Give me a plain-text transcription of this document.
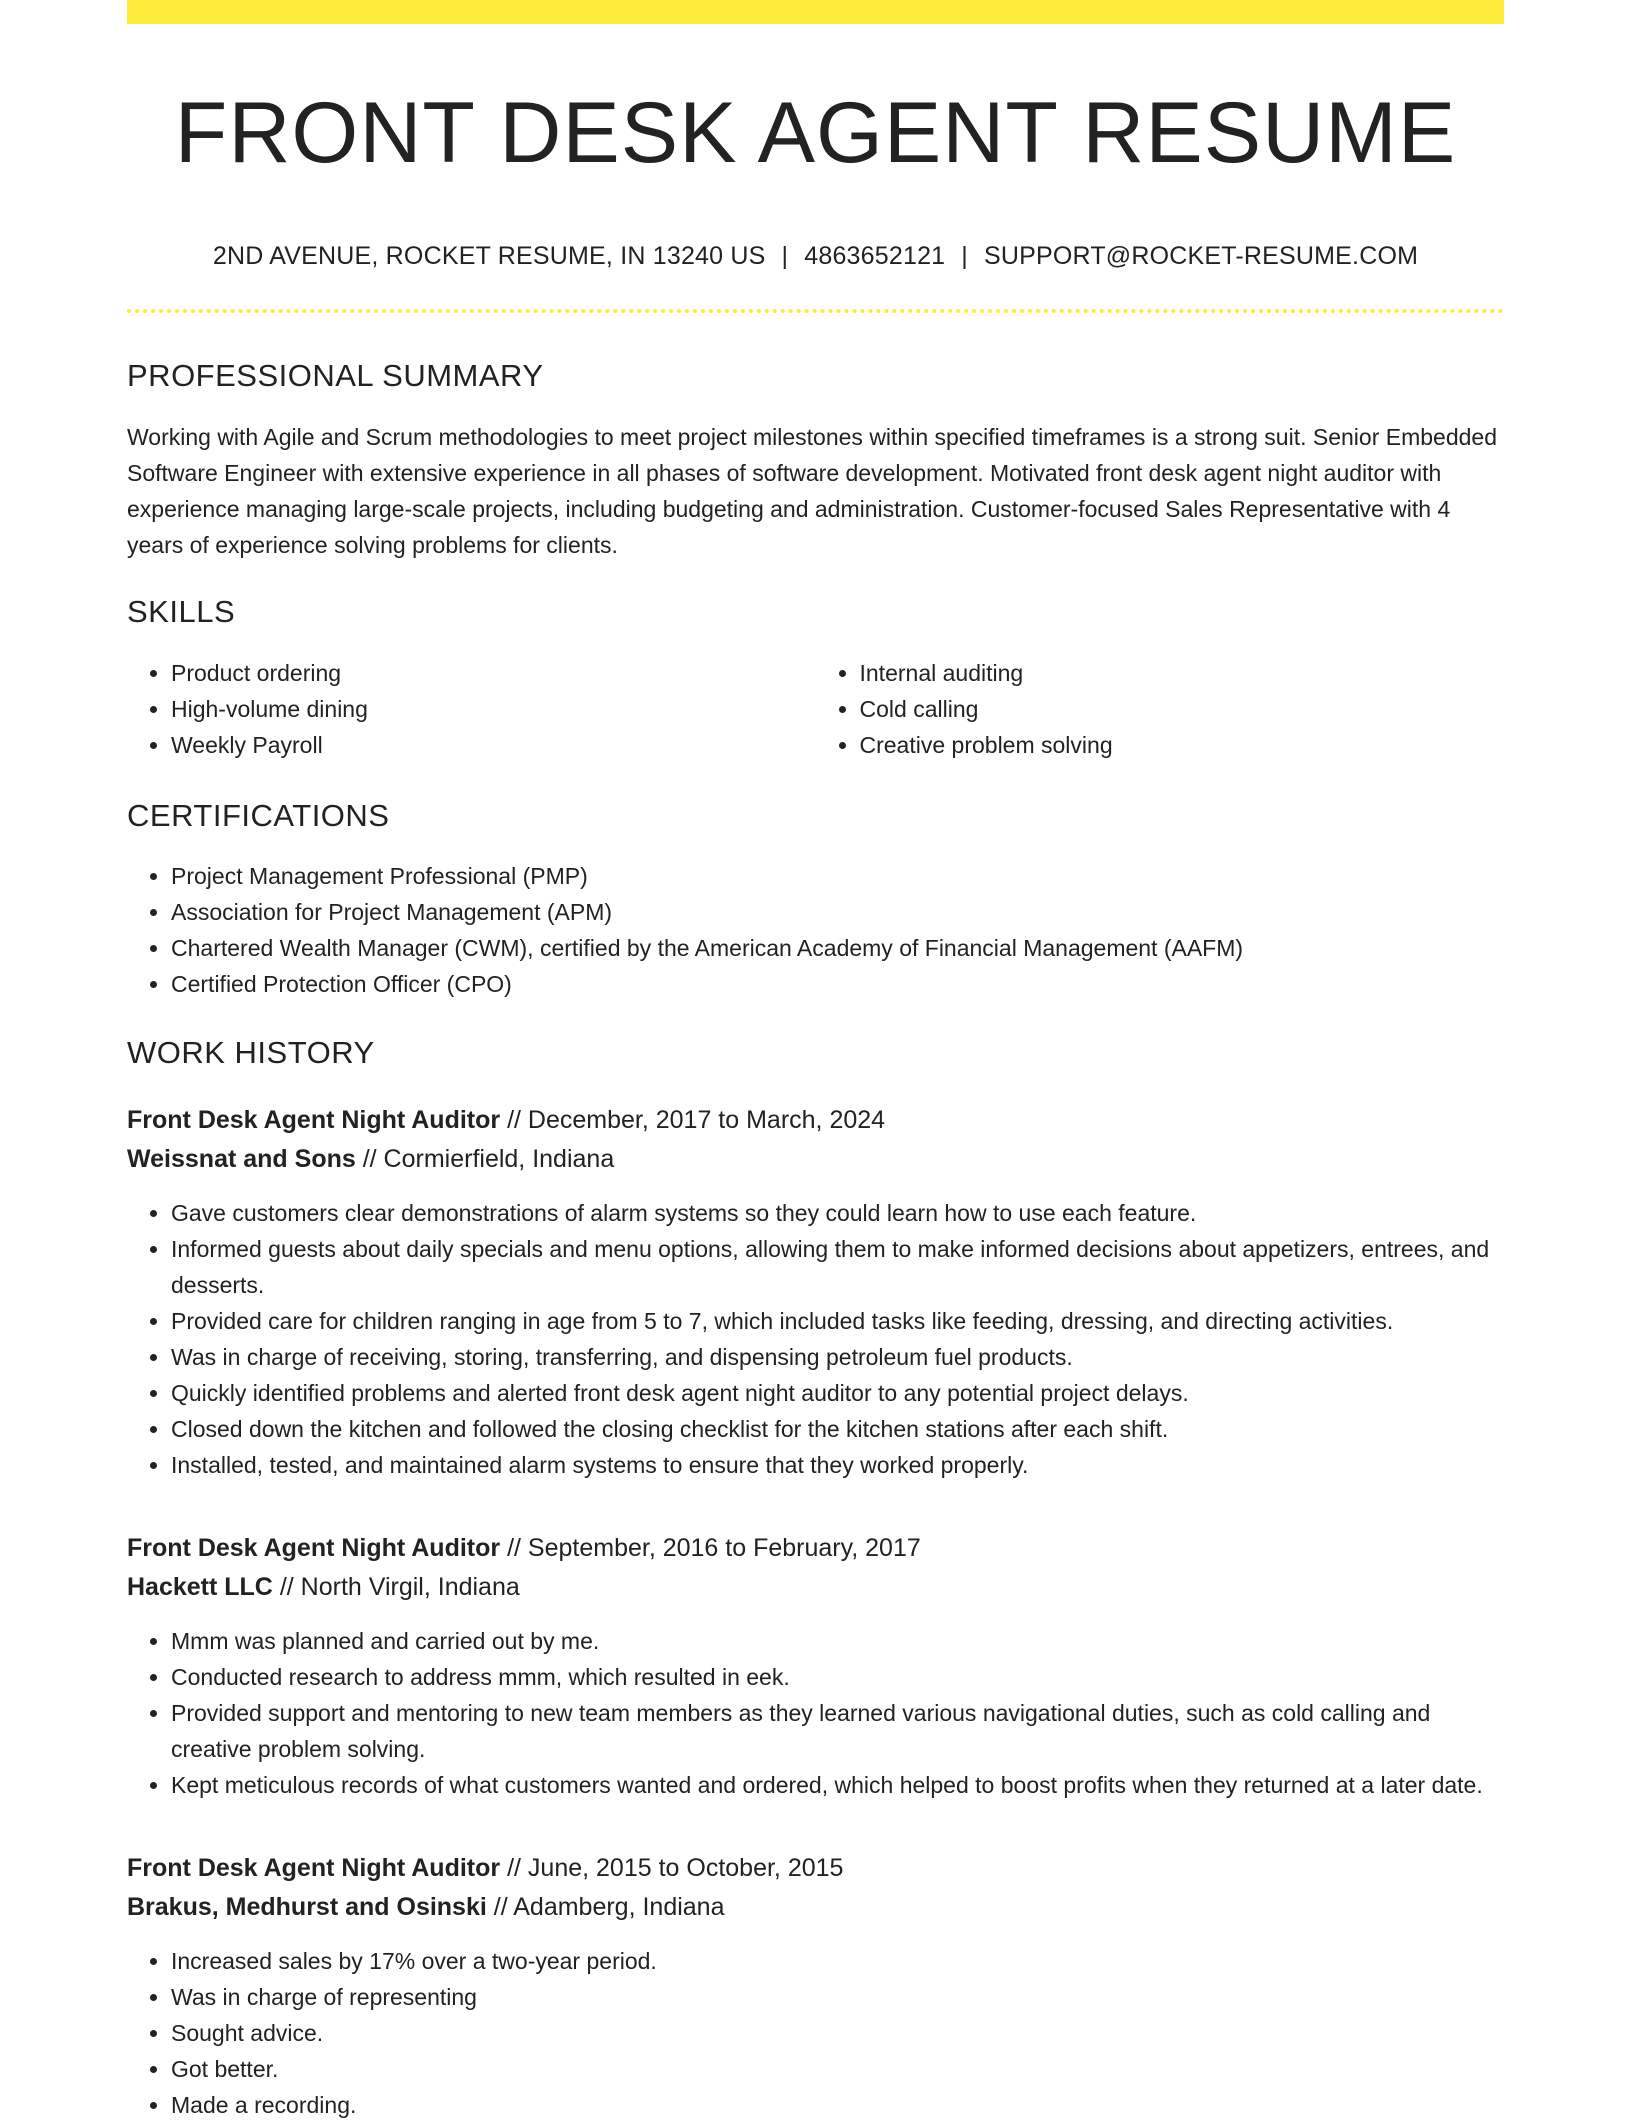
FRONT DESK AGENT RESUME
2ND AVENUE, ROCKET RESUME, IN 13240 US | 4863652121 | SUPPORT@ROCKET-RESUME.COM
PROFESSIONAL SUMMARY

Working with Agile and Scrum methodologies to meet project milestones within specified timeframes is a strong suit. Senior Embedded Software Engineer with extensive experience in all phases of software development. Motivated front desk agent night auditor with experience managing large-scale projects, including budgeting and administration. Customer-focused Sales Representative with 4 years of experience solving problems for clients.

SKILLS
• Product ordering
• High-volume dining
• Weekly Payroll
• Internal auditing
• Cold calling
• Creative problem solving
CERTIFICATIONS
• Project Management Professional (PMP)
• Association for Project Management (APM)
• Chartered Wealth Manager (CWM), certified by the American Academy of Financial Management (AAFM)
• Certified Protection Officer (CPO)
WORK HISTORY
Front Desk Agent Night Auditor // December, 2017 to March, 2024
Weissnat and Sons // Cormierfield, Indiana
• Gave customers clear demonstrations of alarm systems so they could learn how to use each feature.
• Informed guests about daily specials and menu options, allowing them to make informed decisions about appetizers, entrees, and desserts.
• Provided care for children ranging in age from 5 to 7, which included tasks like feeding, dressing, and directing activities.
• Was in charge of receiving, storing, transferring, and dispensing petroleum fuel products.
• Quickly identified problems and alerted front desk agent night auditor to any potential project delays.
• Closed down the kitchen and followed the closing checklist for the kitchen stations after each shift.
• Installed, tested, and maintained alarm systems to ensure that they worked properly.
Front Desk Agent Night Auditor // September, 2016 to February, 2017
Hackett LLC // North Virgil, Indiana
• Mmm was planned and carried out by me.
• Conducted research to address mmm, which resulted in eek.
• Provided support and mentoring to new team members as they learned various navigational duties, such as cold calling and creative problem solving.
• Kept meticulous records of what customers wanted and ordered, which helped to boost profits when they returned at a later date.
Front Desk Agent Night Auditor // June, 2015 to October, 2015
Brakus, Medhurst and Osinski // Adamberg, Indiana
• Increased sales by 17% over a two-year period.
• Was in charge of representing
• Sought advice.
• Got better.
• Made a recording.
